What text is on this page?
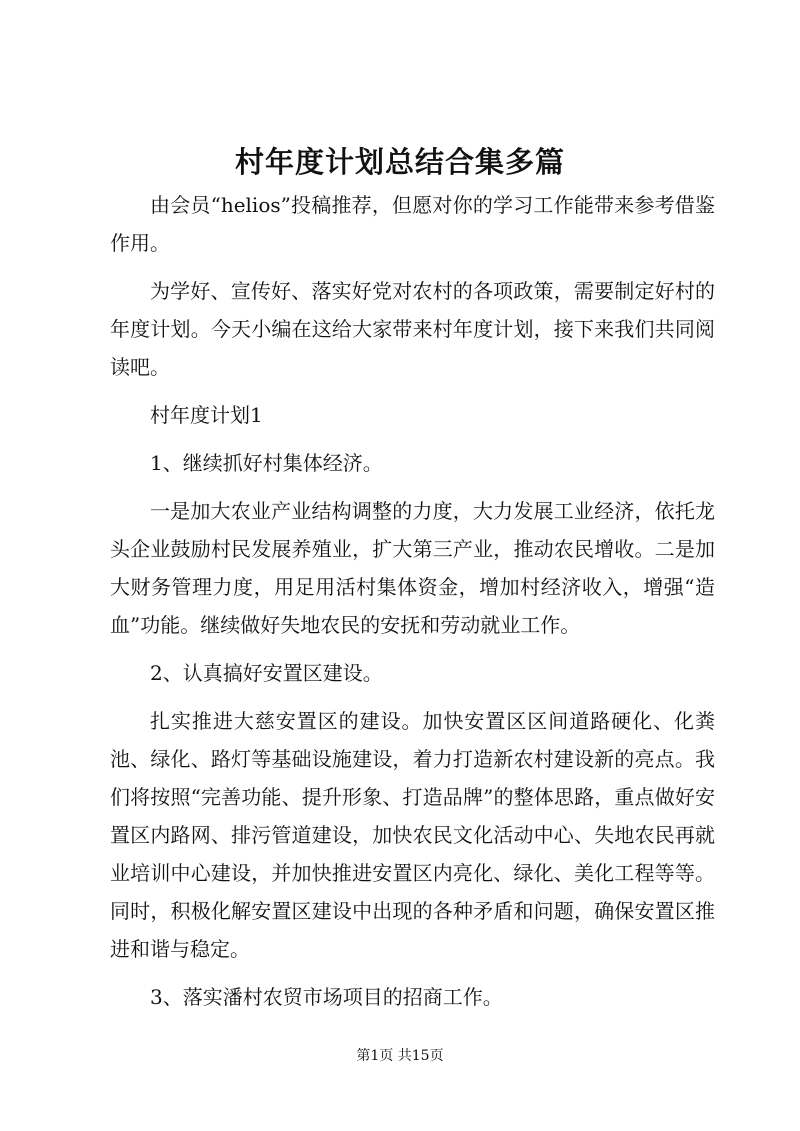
村年度计划总结合集多篇

由会员“helios”投稿推荐，但愿对你的学习工作能带来参考借鉴作用。

为学好、宣传好、落实好党对农村的各项政策，需要制定好村的年度计划。今天小编在这给大家带来村年度计划，接下来我们共同阅读吧。

村年度计划1

1、继续抓好村集体经济。

一是加大农业产业结构调整的力度，大力发展工业经济，依托龙头企业鼓励村民发展养殖业，扩大第三产业，推动农民增收。二是加大财务管理力度，用足用活村集体资金，增加村经济收入，增强“造血”功能。继续做好失地农民的安抚和劳动就业工作。

2、认真搞好安置区建设。

扎实推进大慈安置区的建设。加快安置区区间道路硬化、化粪池、绿化、路灯等基础设施建设，着力打造新农村建设新的亮点。我们将按照“完善功能、提升形象、打造品牌”的整体思路，重点做好安置区内路网、排污管道建设，加快农民文化活动中心、失地农民再就业培训中心建设，并加快推进安置区内亮化、绿化、美化工程等等。同时，积极化解安置区建设中出现的各种矛盾和问题，确保安置区推进和谐与稳定。

3、落实潘村农贸市场项目的招商工作。

第1页 共15页
